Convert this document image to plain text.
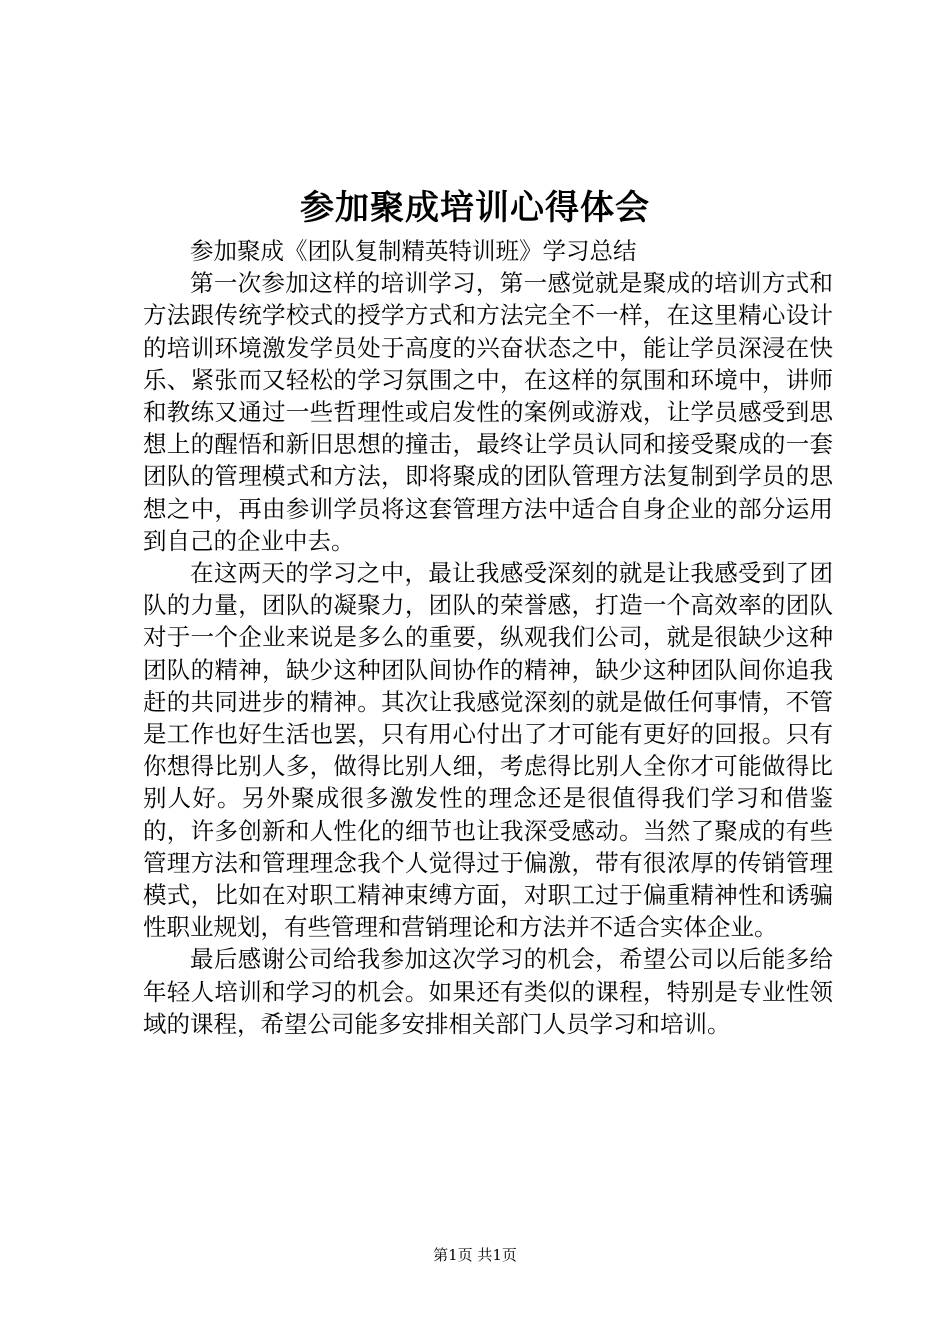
参加聚成培训心得体会

参加聚成《团队复制精英特训班》学习总结

第一次参加这样的培训学习，第一感觉就是聚成的培训方式和方法跟传统学校式的授学方式和方法完全不一样，在这里精心设计的培训环境激发学员处于高度的兴奋状态之中，能让学员深浸在快乐、紧张而又轻松的学习氛围之中，在这样的氛围和环境中，讲师和教练又通过一些哲理性或启发性的案例或游戏，让学员感受到思想上的醒悟和新旧思想的撞击，最终让学员认同和接受聚成的一套团队的管理模式和方法，即将聚成的团队管理方法复制到学员的思想之中，再由参训学员将这套管理方法中适合自身企业的部分运用到自己的企业中去。

在这两天的学习之中，最让我感受深刻的就是让我感受到了团队的力量，团队的凝聚力，团队的荣誉感，打造一个高效率的团队对于一个企业来说是多么的重要，纵观我们公司，就是很缺少这种团队的精神，缺少这种团队间协作的精神，缺少这种团队间你追我赶的共同进步的精神。其次让我感觉深刻的就是做任何事情，不管是工作也好生活也罢，只有用心付出了才可能有更好的回报。只有你想得比别人多，做得比别人细，考虑得比别人全你才可能做得比别人好。另外聚成很多激发性的理念还是很值得我们学习和借鉴的，许多创新和人性化的细节也让我深受感动。当然了聚成的有些管理方法和管理理念我个人觉得过于偏激，带有很浓厚的传销管理模式，比如在对职工精神束缚方面，对职工过于偏重精神性和诱骗性职业规划，有些管理和营销理论和方法并不适合实体企业。

最后感谢公司给我参加这次学习的机会，希望公司以后能多给年轻人培训和学习的机会。如果还有类似的课程，特别是专业性领域的课程，希望公司能多安排相关部门人员学习和培训。

第1页 共1页
